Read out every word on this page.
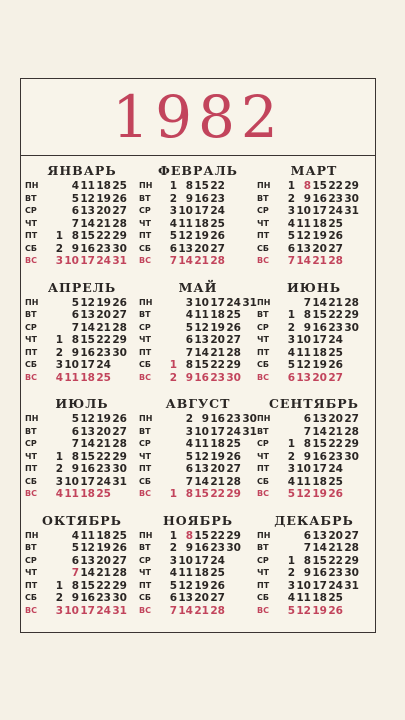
1982
ЯНВАРЬ
ПН
ВТ
СР
ЧТ
ПТ
СБ
ВС
1
2
3
4
5
6
7
8
9
10
11
12
13
14
15
16
17
18
19
20
21
22
23
24
25
26
27
28
29
30
31
ФЕВРАЛЬ
ПН
ВТ
СР
ЧТ
ПТ
СБ
ВС
1
2
3
4
5
6
7
8
9
10
11
12
13
14
15
16
17
18
19
20
21
22
23
24
25
26
27
28
МАРТ
ПН
ВТ
СР
ЧТ
ПТ
СБ
ВС
1
2
3
4
5
6
7
8
9
10
11
12
13
14
15
16
17
18
19
20
21
22
23
24
25
26
27
28
29
30
31
АПРЕЛЬ
ПН
ВТ
СР
ЧТ
ПТ
СБ
ВС
1
2
3
4
5
6
7
8
9
10
11
12
13
14
15
16
17
18
19
20
21
22
23
24
25
26
27
28
29
30
МАЙ
ПН
ВТ
СР
ЧТ
ПТ
СБ
ВС
1
2
3
4
5
6
7
8
9
10
11
12
13
14
15
16
17
18
19
20
21
22
23
24
25
26
27
28
29
30
31
ИЮНЬ
ПН
ВТ
СР
ЧТ
ПТ
СБ
ВС
1
2
3
4
5
6
7
8
9
10
11
12
13
14
15
16
17
18
19
20
21
22
23
24
25
26
27
28
29
30
ИЮЛЬ
ПН
ВТ
СР
ЧТ
ПТ
СБ
ВС
1
2
3
4
5
6
7
8
9
10
11
12
13
14
15
16
17
18
19
20
21
22
23
24
25
26
27
28
29
30
31
АВГУСТ
ПН
ВТ
СР
ЧТ
ПТ
СБ
ВС	1
2
3
4
5
6
7
8
9
10
11
12
13
14
15
16
17
18
19
20
21
22
23
24
25
26
27
28
29
30
31
СЕНТЯБРЬ
ПН
ВТ
СР
ЧТ
ПТ
СБ
ВС
1
2
3
4
5
6
7
8
9
10
11
12
13
14
15
16
17
18
19
20
21
22
23
24
25
26
27
28
29
30
ОКТЯБРЬ
ПН
ВТ
СР
ЧТ
ПТ
СБ
ВС
1
2
3
4
5
6
7
8
9
10
11
12
13
14
15
16
17
18
19
20
21
22
23
24
25
26
27
28
29
30
31
НОЯБРЬ
ПН
ВТ
СР
ЧТ
ПТ
СБ
ВС
1
2
3
4
5
6
7
8
9
10
11
12
13
14
15
16
17
18
19
20
21
22
23
24
25
26
27
28
29
30
ДЕКАБРЬ
ПН
ВТ
СР
ЧТ
ПТ
СБ
ВС
1
2
3
4
5
6
7
8
9
10
11
12
13
14
15
16
17
18
19
20
21
22
23
24
25
26
27
28
29
30
31
